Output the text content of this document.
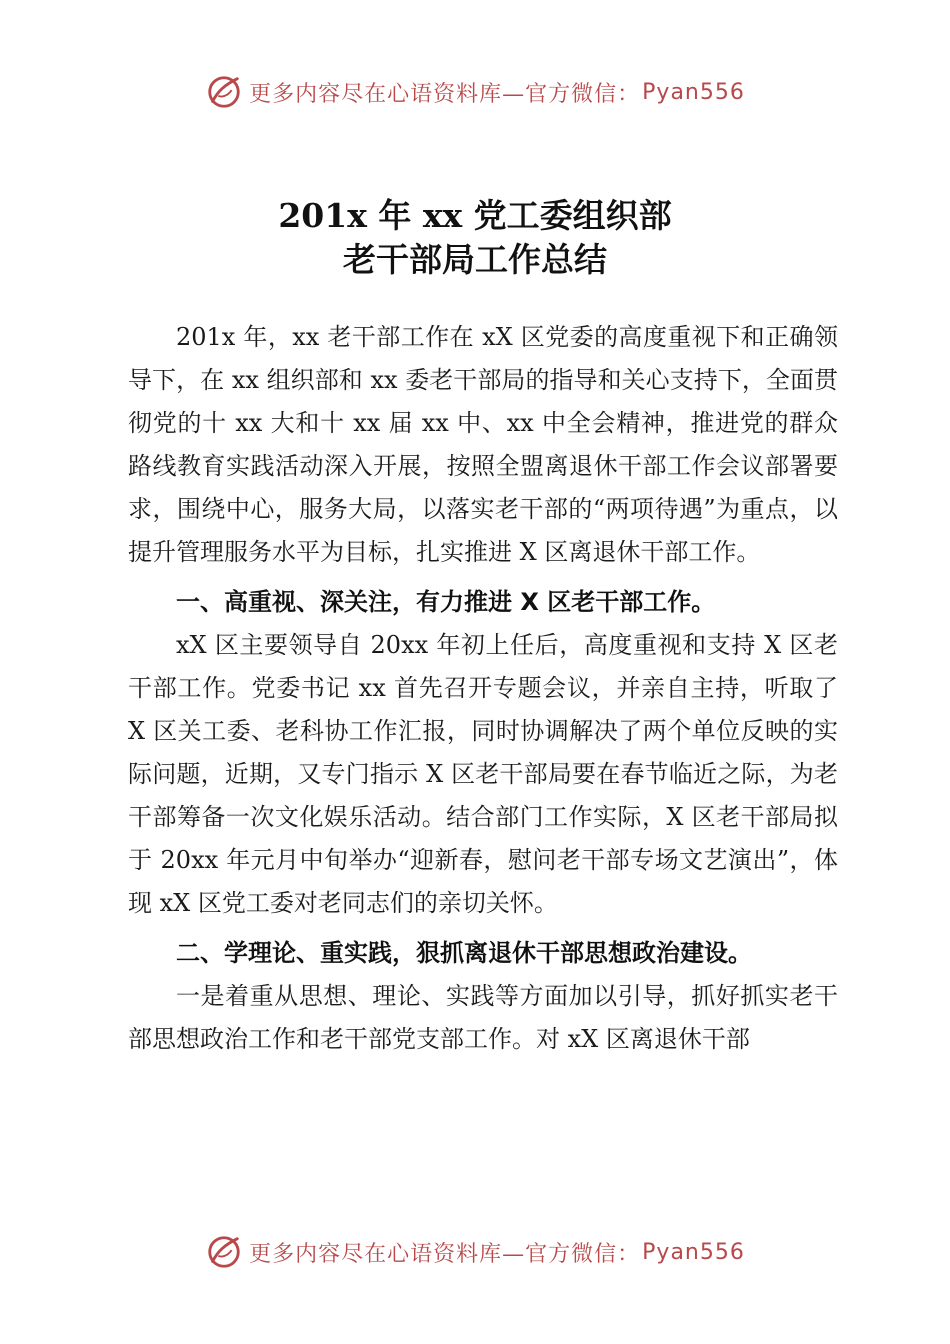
更多内容尽在心语资料库—官方微信： Pyan556
201x 年 xx 党工委组织部
老干部局工作总结

201x 年，xx 老干部工作在 xX 区党委的高度重视下和正确领导下，在 xx 组织部和 xx 委老干部局的指导和关心支持下，全面贯彻党的十 xx 大和十 xx 届 xx 中、xx 中全会精神，推进党的群众路线教育实践活动深入开展，按照全盟离退休干部工作会议部署要求，围绕中心，服务大局，以落实老干部的“两项待遇”为重点，以提升管理服务水平为目标，扎实推进 X 区离退休干部工作。

一、高重视、深关注，有力推进 X 区老干部工作。

xX 区主要领导自 20xx 年初上任后，高度重视和支持 X 区老干部工作。党委书记 xx 首先召开专题会议，并亲自主持，听取了 X 区关工委、老科协工作汇报，同时协调解决了两个单位反映的实际问题，近期，又专门指示 X 区老干部局要在春节临近之际，为老干部筹备一次文化娱乐活动。结合部门工作实际，X 区老干部局拟于 20xx 年元月中旬举办“迎新春，慰问老干部专场文艺演出”，体现 xX 区党工委对老同志们的亲切关怀。

二、学理论、重实践，狠抓离退休干部思想政治建设。

一是着重从思想、理论、实践等方面加以引导，抓好抓实老干部思想政治工作和老干部党支部工作。对 xX 区离退休干部

更多内容尽在心语资料库—官方微信： Pyan556
